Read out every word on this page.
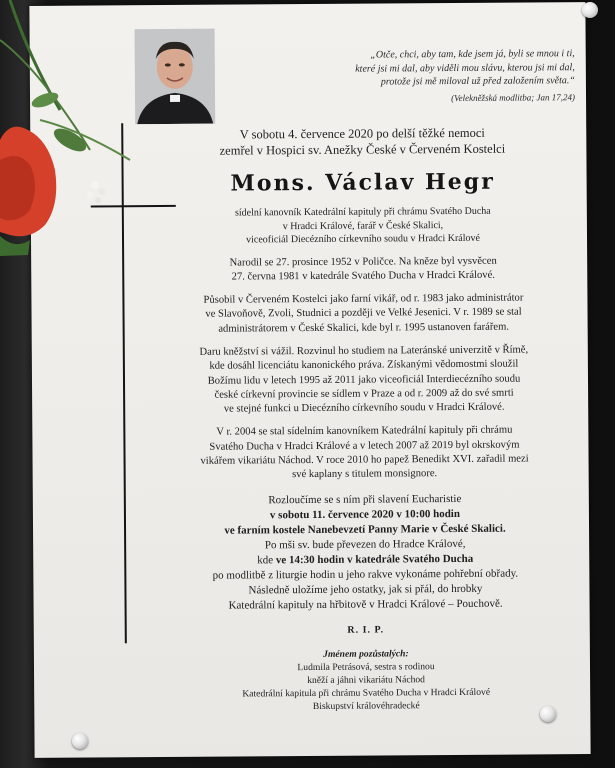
„Otče, chci, aby tam, kde jsem já, byli se mnou i ti,
které jsi mi dal, aby viděli mou slávu, kterou jsi mi dal,
protože jsi mě miloval už před založením světa.“
(Velekněžská modlitba; Jan 17,24)
V sobotu 4. července 2020 po delší těžké nemoci
zemřel v Hospici sv. Anežky České v Červeném Kostelci
Mons. Václav Hegr
sídelní kanovník Katedrální kapituly při chrámu Svatého Ducha
v Hradci Králové, farář v České Skalici,
viceoficiál Diecézního církevního soudu v Hradci Králové
Narodil se 27. prosince 1952 v Poličce. Na kněze byl vysvěcen
27. června 1981 v katedrále Svatého Ducha v Hradci Králové.
Působil v Červeném Kostelci jako farní vikář, od r. 1983 jako administrátor
ve Slavoňově, Zvoli, Studnici a později ve Velké Jesenici. V r. 1989 se stal
administrátorem v České Skalici, kde byl r. 1995 ustanoven farářem.
Daru kněžství si vážil. Rozvinul ho studiem na Lateránské univerzitě v Římě,
kde dosáhl licenciátu kanonického práva. Získanými vědomostmi sloužil
Božímu lidu v letech 1995 až 2011 jako viceoficiál Interdiecézního soudu
české církevní provincie se sídlem v Praze a od r. 2009 až do své smrti
ve stejné funkci u Diecézního církevního soudu v Hradci Králové.
V r. 2004 se stal sídelním kanovníkem Katedrální kapituly při chrámu
Svatého Ducha v Hradci Králové a v letech 2007 až 2019 byl okrskovým
vikářem vikariátu Náchod. V roce 2010 ho papež Benedikt XVI. zařadil mezi
své kaplany s titulem monsignore.
Rozloučíme se s ním při slavení Eucharistie
v sobotu 11. července 2020 v 10:00 hodin
ve farním kostele Nanebevzetí Panny Marie v České Skalici.
Po mši sv. bude převezen do Hradce Králové,
kde ve 14:30 hodin v katedrále Svatého Ducha
po modlitbě z liturgie hodin u jeho rakve vykonáme pohřební obřady.
Následně uložíme jeho ostatky, jak si přál, do hrobky
Katedrální kapituly na hřbitově v Hradci Králové – Pouchově.
R. I. P.
Jménem pozůstalých:
Ludmila Petrásová, sestra s rodinou
kněží a jáhni vikariátu Náchod
Katedrální kapitula při chrámu Svatého Ducha v Hradci Králové
Biskupství královéhradecké
